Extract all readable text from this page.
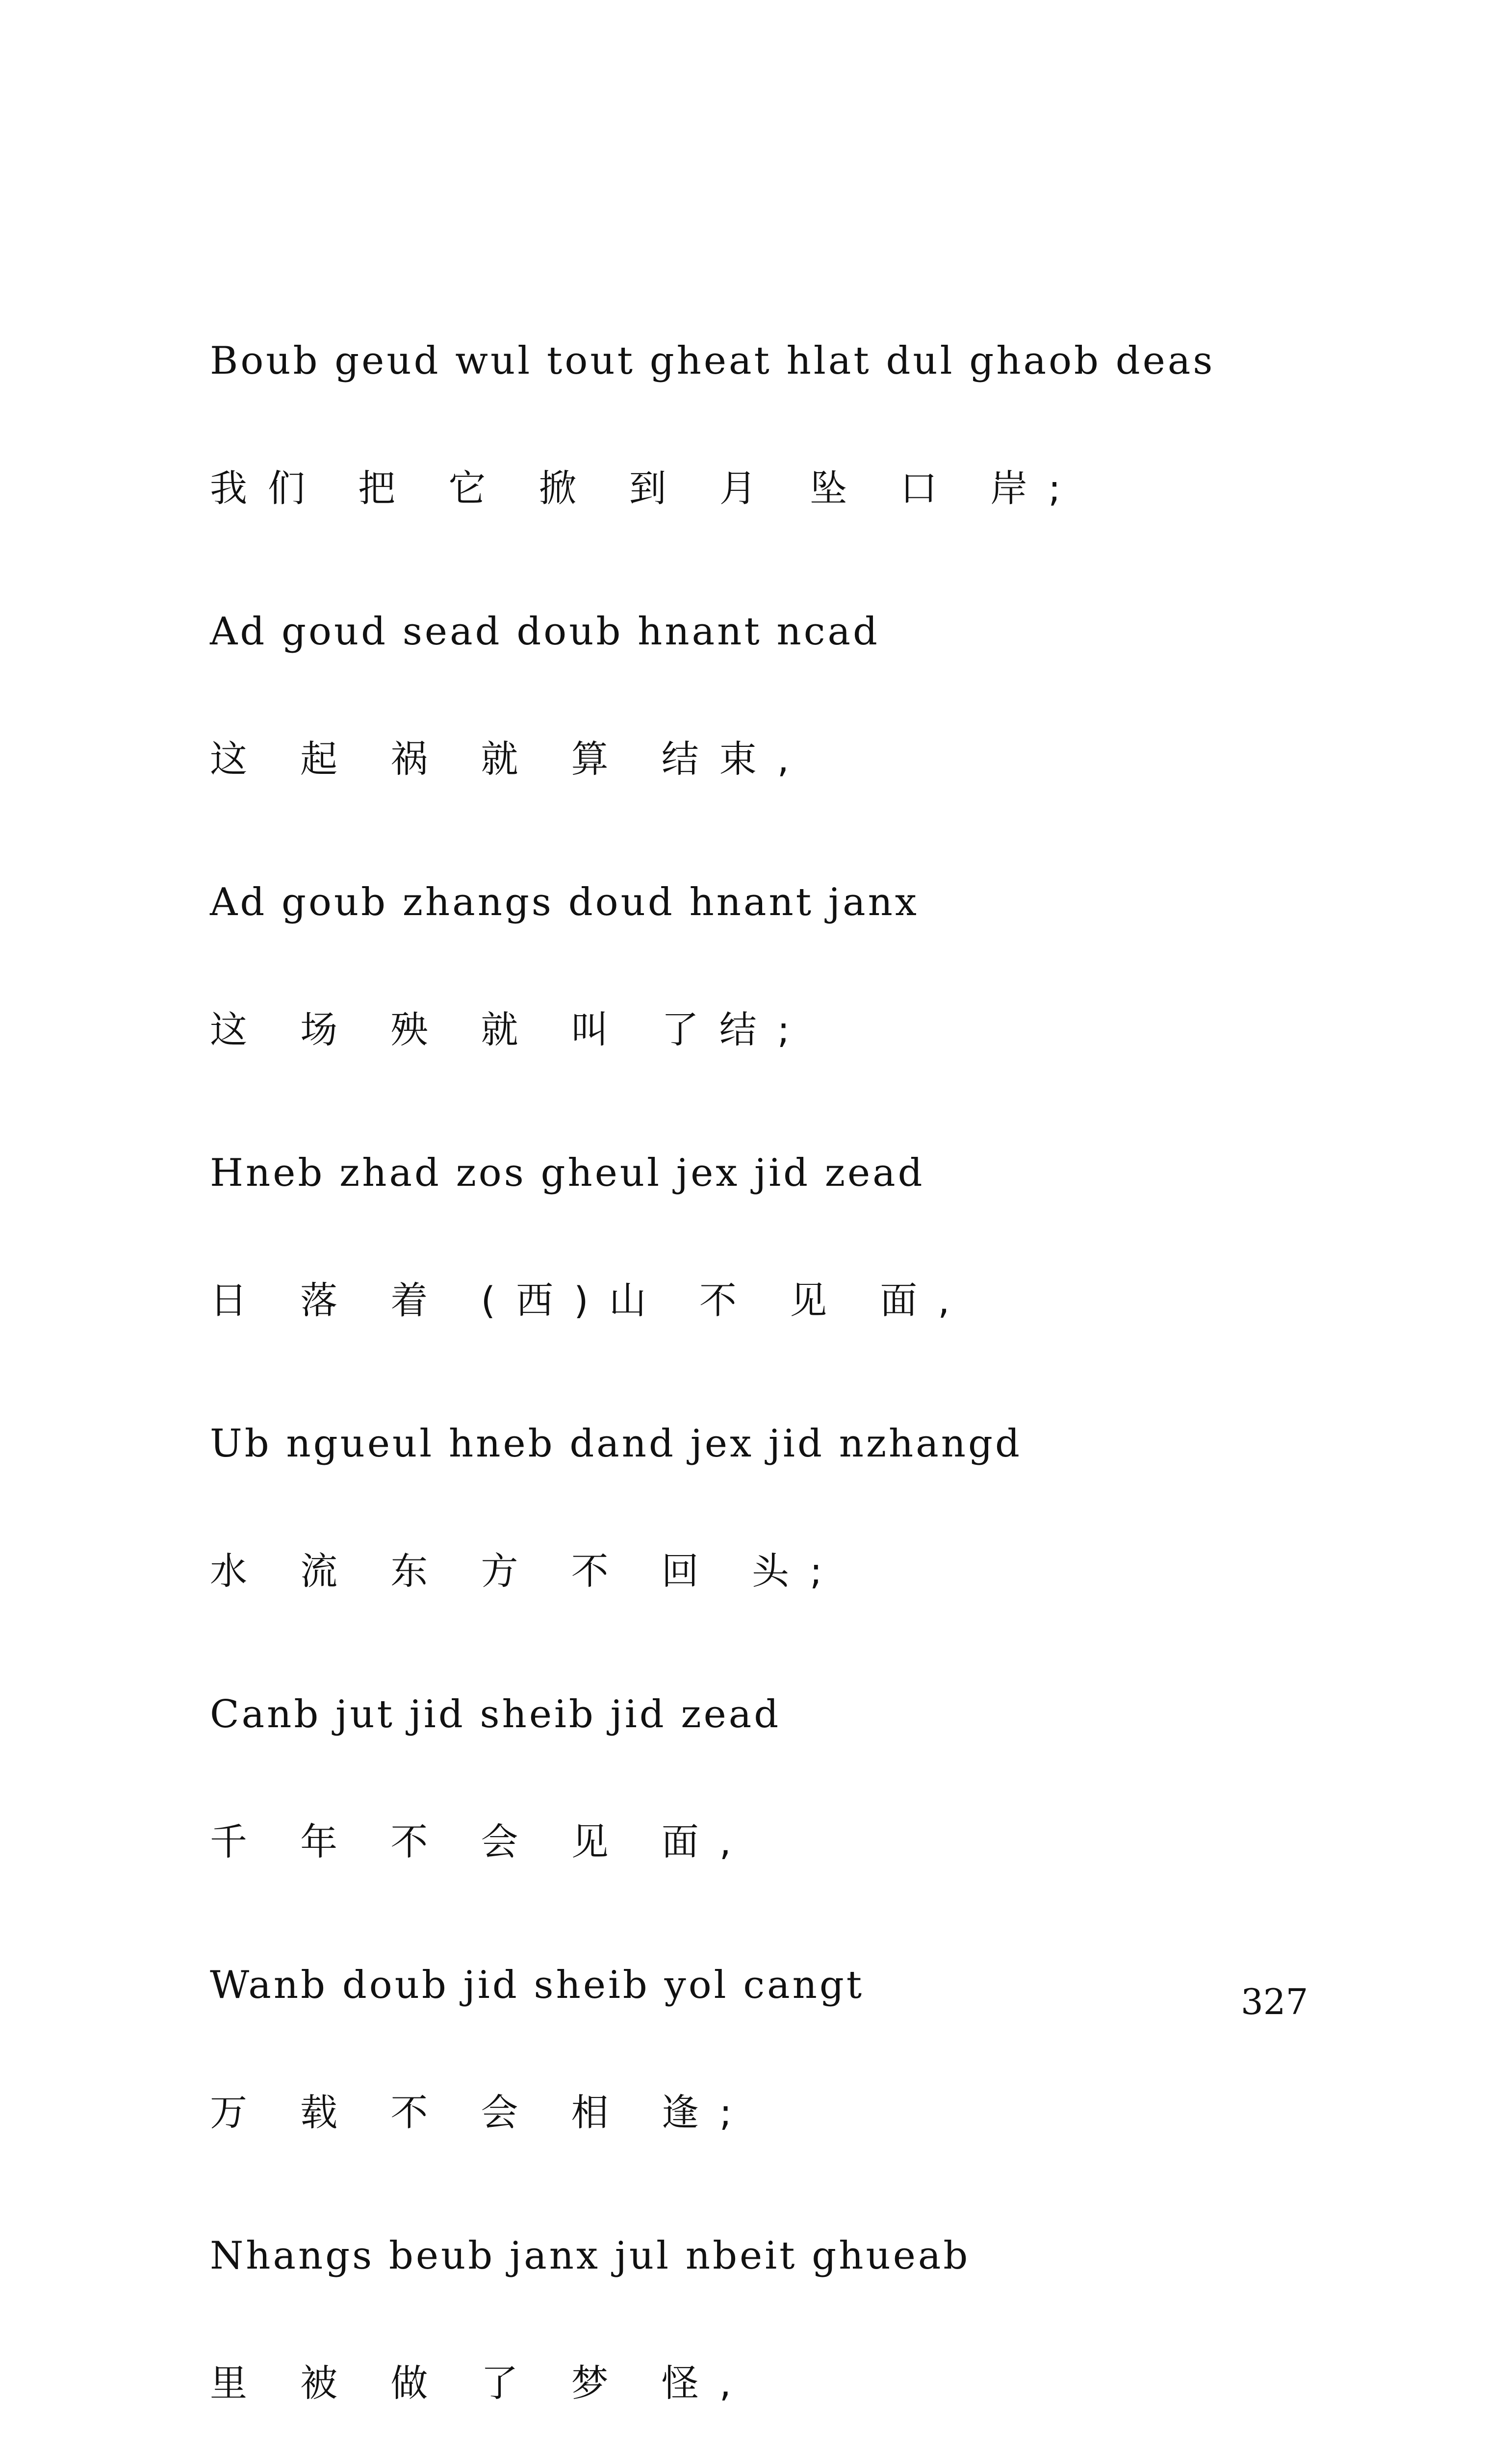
Boub geud wul tout gheat hlat dul ghaob deas
我们 把 它 掀 到 月 坠 口 岸;
Ad goud sead doub hnant ncad
这 起 祸 就 算 结束,
Ad goub zhangs doud hnant janx
这 场 殃 就 叫 了结;
Hneb zhad zos gheul jex jid zead
日 落 着 (西)山 不 见 面,
Ub ngueul hneb dand jex jid nzhangd
水 流 东 方 不 回 头;
Canb jut jid sheib jid zead
千 年 不 会 见 面,
Wanb doub jid sheib yol cangt
万 载 不 会 相 逢;
Nhangs beub janx jul nbeit ghueab
里 被 做 了 梦 怪,
327
